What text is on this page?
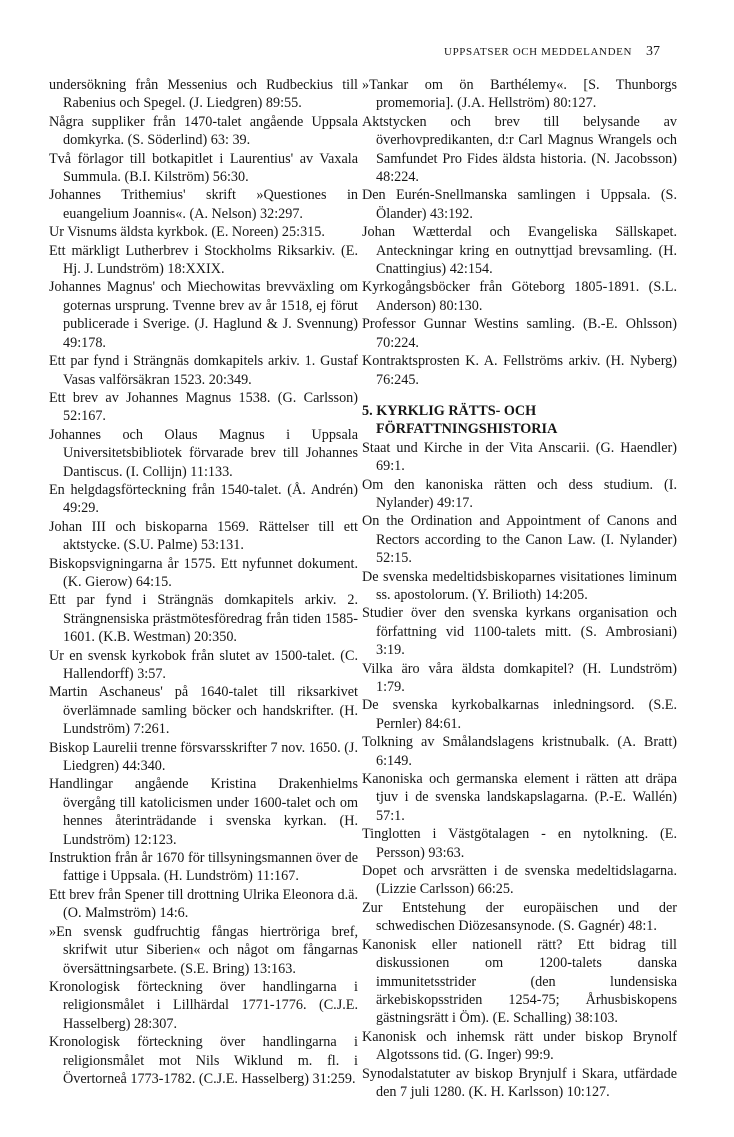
UPPSATSER OCH MEDDELANDEN 37
undersökning från Messenius och Rudbeckius till Rabenius och Spegel. (J. Liedgren) 89:55.
Några suppliker från 1470-talet angående Uppsala domkyrka. (S. Söderlind) 63: 39.
Två förlagor till botkapitlet i Laurentius' av Vaxala Summula. (B.I. Kilström) 56:30.
Johannes Trithemius' skrift »Questiones in euangelium Joannis«. (A. Nelson) 32:297.
Ur Visnums äldsta kyrkbok. (E. Noreen) 25:315.
Ett märkligt Lutherbrev i Stockholms Riksarkiv. (E. Hj. J. Lundström) 18:XXIX.
Johannes Magnus' och Miechowitas brevväxling om goternas ursprung. Tvenne brev av år 1518, ej förut publicerade i Sverige. (J. Haglund & J. Svennung) 49:178.
Ett par fynd i Strängnäs domkapitels arkiv. 1. Gustaf Vasas valförsäkran 1523. 20:349.
Ett brev av Johannes Magnus 1538. (G. Carlsson) 52:167.
Johannes och Olaus Magnus i Uppsala Universitetsbibliotek förvarade brev till Johannes Dantiscus. (I. Collijn) 11:133.
En helgdagsförteckning från 1540-talet. (Å. Andrén) 49:29.
Johan III och biskoparna 1569. Rättelser till ett aktstycke. (S.U. Palme) 53:131.
Biskopsvigningarna år 1575. Ett nyfunnet dokument. (K. Gierow) 64:15.
Ett par fynd i Strängnäs domkapitels arkiv. 2. Strängnensiska prästmötesföredrag från tiden 1585-1601. (K.B. Westman) 20:350.
Ur en svensk kyrkobok från slutet av 1500-talet. (C. Hallendorff) 3:57.
Martin Aschaneus' på 1640-talet till riksarkivet överlämnade samling böcker och handskrifter. (H. Lundström) 7:261.
Biskop Laurelii trenne försvarsskrifter 7 nov. 1650. (J. Liedgren) 44:340.
Handlingar angående Kristina Drakenhielms övergång till katolicismen under 1600-talet och om hennes återinträdande i svenska kyrkan. (H. Lundström) 12:123.
Instruktion från år 1670 för tillsyningsmannen över de fattige i Uppsala. (H. Lundström) 11:167.
Ett brev från Spener till drottning Ulrika Eleonora d.ä. (O. Malmström) 14:6.
»En svensk gudfruchtig fångas hiertröriga bref, skrifwit utur Siberien« och något om fångarnas översättningsarbete. (S.E. Bring) 13:163.
Kronologisk förteckning över handlingarna i religionsmålet i Lillhärdal 1771-1776. (C.J.E. Hasselberg) 28:307.
Kronologisk förteckning över handlingarna i religionsmålet mot Nils Wiklund m. fl. i Övertorneå 1773-1782. (C.J.E. Hasselberg) 31:259.
»Tankar om ön Barthélemy«. [S. Thunborgs promemoria]. (J.A. Hellström) 80:127.
Aktstycken och brev till belysande av överhovpredikanten, d:r Carl Magnus Wrangels och Samfundet Pro Fides äldsta historia. (N. Jacobsson) 48:224.
Den Eurén-Snellmanska samlingen i Uppsala. (S. Ölander) 43:192.
Johan Wætterdal och Evangeliska Sällskapet. Anteckningar kring en outnyttjad brevsamling. (H. Cnattingius) 42:154.
Kyrkogångsböcker från Göteborg 1805-1891. (S.L. Anderson) 80:130.
Professor Gunnar Westins samling. (B.-E. Ohlsson) 70:224.
Kontraktsprosten K. A. Fellströms arkiv. (H. Nyberg) 76:245.
5. KYRKLIG RÄTTS- OCH FÖRFATTNINGSHISTORIA
Staat und Kirche in der Vita Anscarii. (G. Haendler) 69:1.
Om den kanoniska rätten och dess studium. (I. Nylander) 49:17.
On the Ordination and Appointment of Canons and Rectors according to the Canon Law. (I. Nylander) 52:15.
De svenska medeltidsbiskoparnes visitationes liminum ss. apostolorum. (Y. Brilioth) 14:205.
Studier över den svenska kyrkans organisation och författning vid 1100-talets mitt. (S. Ambrosiani) 3:19.
Vilka äro våra äldsta domkapitel? (H. Lundström) 1:79.
De svenska kyrkobalkarnas inledningsord. (S.E. Pernler) 84:61.
Tolkning av Smålandslagens kristnubalk. (A. Bratt) 6:149.
Kanoniska och germanska element i rätten att dräpa tjuv i de svenska landskapslagarna. (P.-E. Wallén) 57:1.
Tinglotten i Västgötalagen - en nytolkning. (E. Persson) 93:63.
Dopet och arvsrätten i de svenska medeltidslagarna. (Lizzie Carlsson) 66:25.
Zur Entstehung der europäischen und der schwedischen Diözesansynode. (S. Gagnér) 48:1.
Kanonisk eller nationell rätt? Ett bidrag till diskussionen om 1200-talets danska immunitetsstrider (den lundensiska ärkebiskopsstriden 1254-75; Århusbiskopens gästningsrätt i Öm). (E. Schalling) 38:103.
Kanonisk och inhemsk rätt under biskop Brynolf Algotssons tid. (G. Inger) 99:9.
Synodalstatuter av biskop Brynjulf i Skara, utfärdade den 7 juli 1280. (K. H. Karlsson) 10:127.
